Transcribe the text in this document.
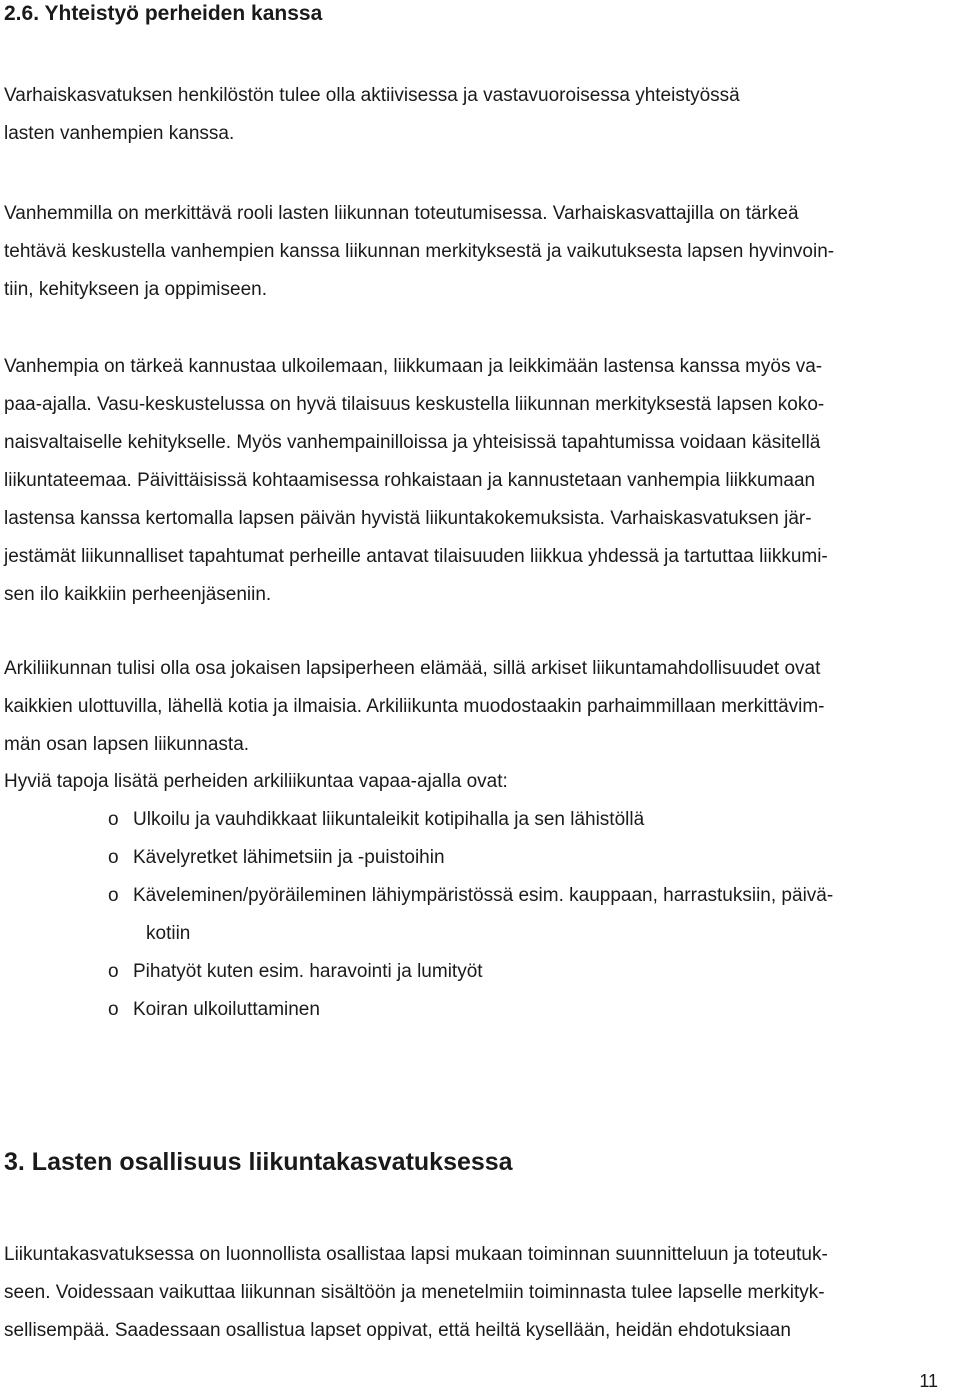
2.6. Yhteistyö perheiden kanssa

Varhaiskasvatuksen henkilöstön tulee olla aktiivisessa ja vastavuoroisessa yhteistyössä
lasten vanhempien kanssa.

Vanhemmilla on merkittävä rooli lasten liikunnan toteutumisessa. Varhaiskasvattajilla on tärkeä
tehtävä keskustella vanhempien kanssa liikunnan merkityksestä ja vaikutuksesta lapsen hyvinvoin-
tiin, kehitykseen ja oppimiseen.

Vanhempia on tärkeä kannustaa ulkoilemaan, liikkumaan ja leikkimään lastensa kanssa myös va-
paa-ajalla. Vasu-keskustelussa on hyvä tilaisuus keskustella liikunnan merkityksestä lapsen koko-
naisvaltaiselle kehitykselle. Myös vanhempainilloissa ja yhteisissä tapahtumissa voidaan käsitellä
liikuntateemaa. Päivittäisissä kohtaamisessa rohkaistaan ja kannustetaan vanhempia liikkumaan
lastensa kanssa kertomalla lapsen päivän hyvistä liikuntakokemuksista. Varhaiskasvatuksen jär-
jestämät liikunnalliset tapahtumat perheille antavat tilaisuuden liikkua yhdessä ja tartuttaa liikkumi-
sen ilo kaikkiin perheenjäseniin.

Arkiliikunnan tulisi olla osa jokaisen lapsiperheen elämää, sillä arkiset liikuntamahdollisuudet ovat
kaikkien ulottuvilla, lähellä kotia ja ilmaisia. Arkiliikunta muodostaakin parhaimmillaan merkittävim-
män osan lapsen liikunnasta.

Hyviä tapoja lisätä perheiden arkiliikuntaa vapaa-ajalla ovat:

o Ulkoilu ja vauhdikkaat liikuntaleikit kotipihalla ja sen lähistöllä
o Kävelyretket lähimetsiin ja -puistoihin
o Käveleminen/pyöräileminen lähiympäristössä esim. kauppaan, harrastuksiin, päivä-
kotiin
o Pihatyöt kuten esim. haravointi ja lumityöt
o Koiran ulkoiluttaminen
3. Lasten osallisuus liikuntakasvatuksessa

Liikuntakasvatuksessa on luonnollista osallistaa lapsi mukaan toiminnan suunnitteluun ja toteutuk-
seen. Voidessaan vaikuttaa liikunnan sisältöön ja menetelmiin toiminnasta tulee lapselle merkityk-
sellisempää. Saadessaan osallistua lapset oppivat, että heiltä kysellään, heidän ehdotuksiaan

11
